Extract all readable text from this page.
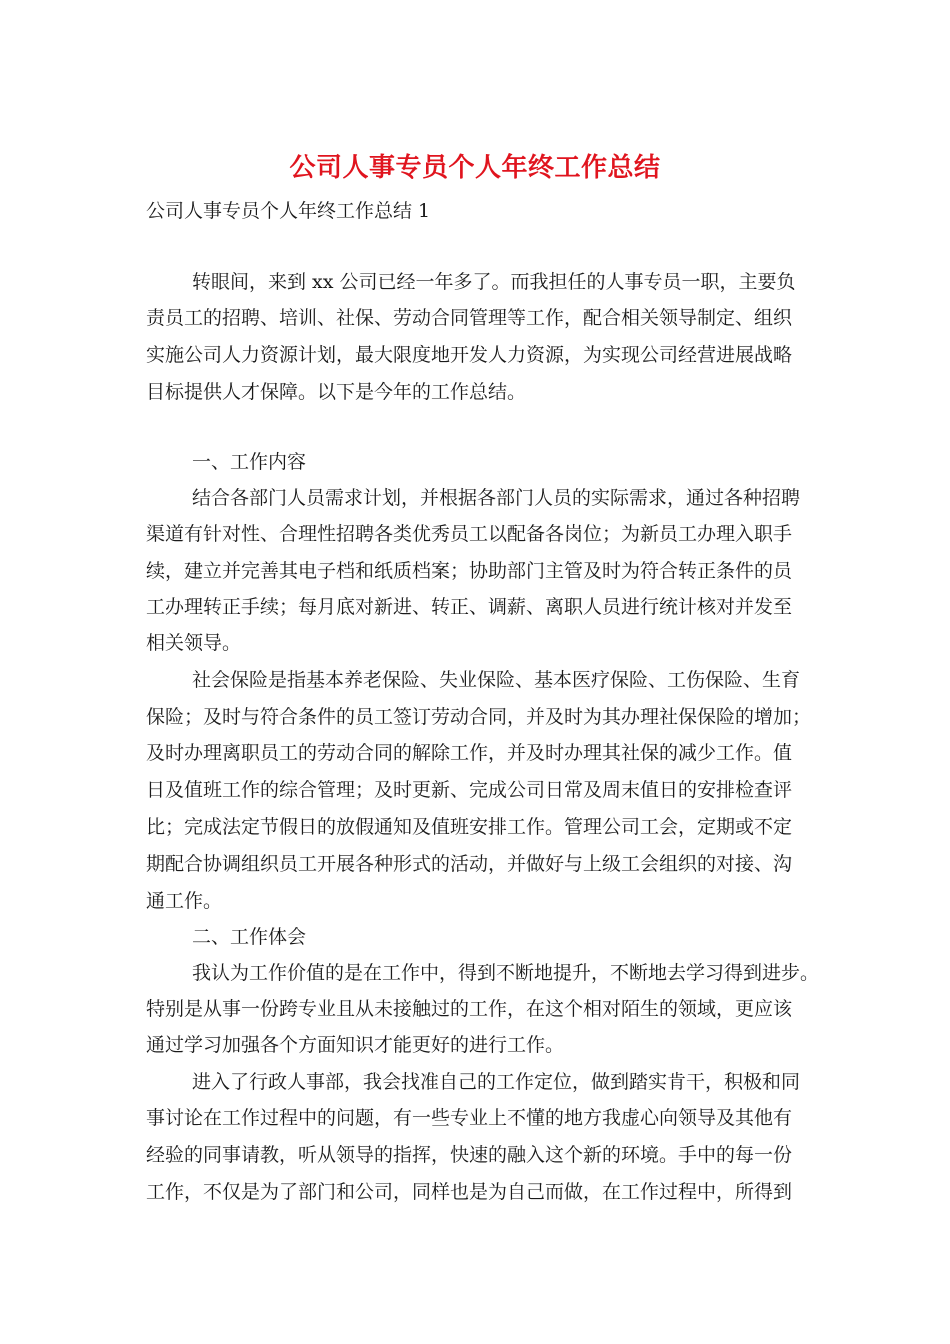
公司人事专员个人年终工作总结
公司人事专员个人年终工作总结 1
转眼间，来到 xx 公司已经一年多了。而我担任的人事专员一职，主要负
责员工的招聘、培训、社保、劳动合同管理等工作，配合相关领导制定、组织
实施公司人力资源计划，最大限度地开发人力资源，为实现公司经营进展战略
目标提供人才保障。以下是今年的工作总结。
一、工作内容
结合各部门人员需求计划，并根据各部门人员的实际需求，通过各种招聘
渠道有针对性、合理性招聘各类优秀员工以配备各岗位；为新员工办理入职手
续，建立并完善其电子档和纸质档案；协助部门主管及时为符合转正条件的员
工办理转正手续；每月底对新进、转正、调薪、离职人员进行统计核对并发至
相关领导。
社会保险是指基本养老保险、失业保险、基本医疗保险、工伤保险、生育
保险；及时与符合条件的员工签订劳动合同，并及时为其办理社保保险的增加；
及时办理离职员工的劳动合同的解除工作，并及时办理其社保的减少工作。值
日及值班工作的综合管理；及时更新、完成公司日常及周末值日的安排检查评
比；完成法定节假日的放假通知及值班安排工作。管理公司工会，定期或不定
期配合协调组织员工开展各种形式的活动，并做好与上级工会组织的对接、沟
通工作。
二、工作体会
我认为工作价值的是在工作中，得到不断地提升，不断地去学习得到进步。
特别是从事一份跨专业且从未接触过的工作，在这个相对陌生的领域，更应该
通过学习加强各个方面知识才能更好的进行工作。
进入了行政人事部，我会找准自己的工作定位，做到踏实肯干，积极和同
事讨论在工作过程中的问题，有一些专业上不懂的地方我虚心向领导及其他有
经验的同事请教，听从领导的指挥，快速的融入这个新的环境。手中的每一份
工作，不仅是为了部门和公司，同样也是为自己而做，在工作过程中，所得到
